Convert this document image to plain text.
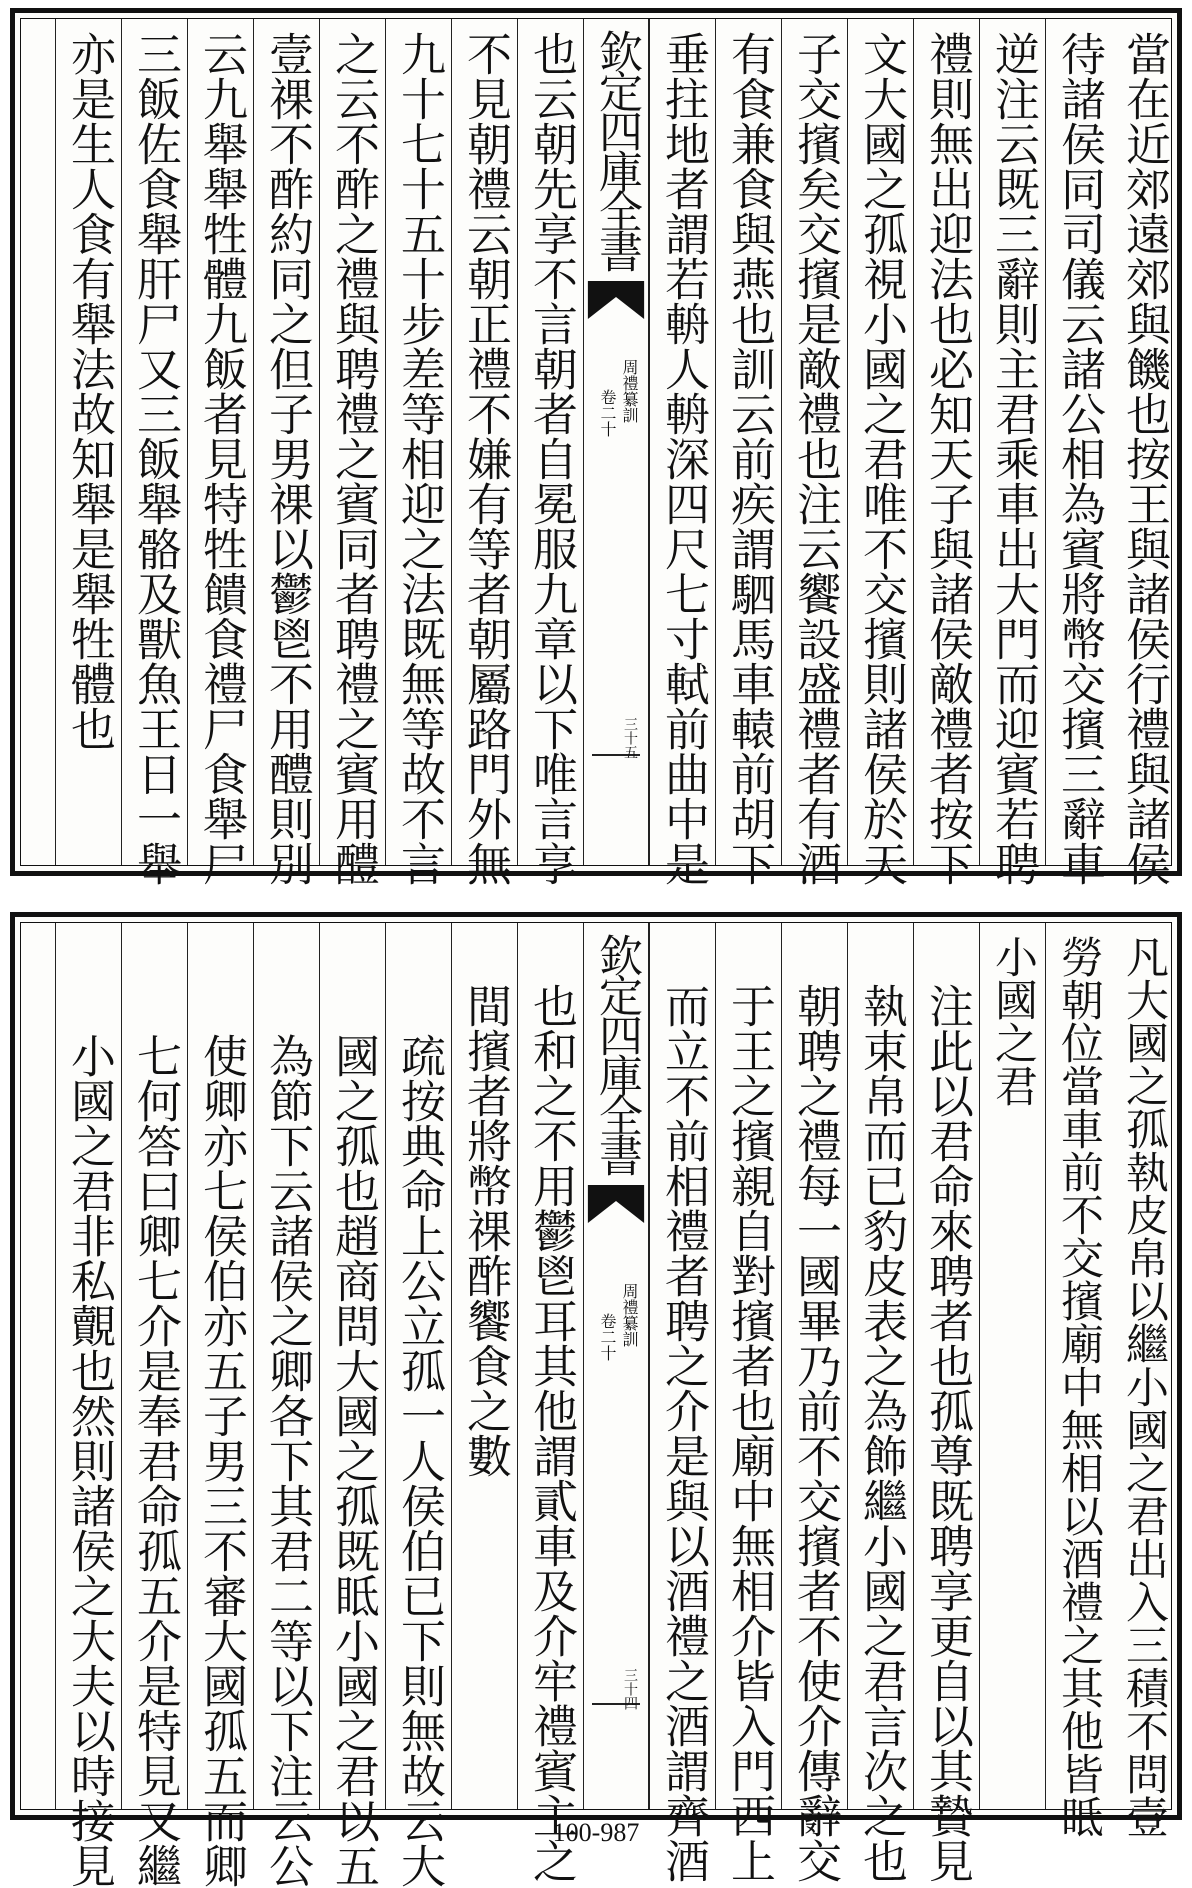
當在近郊遠郊與饑也按王與諸侯行禮與諸侯
待諸侯同司儀云諸公相為賓將幣交擯三辭車
逆注云既三辭則主君乘車出大門而迎賓若聘
禮則無出迎法也必知天子與諸侯敵禮者按下
文大國之孤視小國之君唯不交擯則諸侯於天
子交擯矣交擯是敵禮也注云饗設盛禮者有酒
有食兼食與燕也訓云前疾謂駟馬車轅前胡下
垂拄地者謂若輈人輈深四尺七寸軾前曲中是
欽定四庫全書
周禮纂訓
卷二十
三十五
也云朝先享不言朝者自冕服九章以下唯言享
不見朝禮云朝正禮不嫌有等者朝屬路門外無
九十七十五十步差等相迎之法既無等故不言
之云不酢之禮與聘禮之賓同者聘禮之賓用醴
壹祼不酢約同之但子男祼以鬱鬯不用醴則別
云九舉舉牲體九飯者見特牲饋食禮尸食舉尸
三飯佐食舉肝尸又三飯舉骼及獸魚王日一舉
亦是生人食有舉法故知舉是舉牲體也
凡大國之孤執皮帛以繼小國之君出入三積不問壹
勞朝位當車前不交擯廟中無相以酒禮之其他皆眡
小國之君
注此以君命來聘者也孤尊既聘享更自以其贄見
執束帛而已豹皮表之為飾繼小國之君言次之也
朝聘之禮每一國畢乃前不交擯者不使介傳辭交
于王之擯親自對擯者也廟中無相介皆入門西上
而立不前相禮者聘之介是與以酒禮之酒謂齊酒
欽定四庫全書
周禮纂訓
卷二十
三十四
也和之不用鬱鬯耳其他謂貳車及介牢禮賓主之
間擯者將幣祼酢饗食之數
疏按典命上公立孤一人侯伯已下則無故云大
國之孤也趙商問大國之孤既眡小國之君以五
為節下云諸侯之卿各下其君二等以下注云公
使卿亦七侯伯亦五子男三不審大國孤五而卿
七何答曰卿七介是奉君命孤五介是特見又繼
小國之君非私覿也然則諸侯之大夫以時接見	100-987
